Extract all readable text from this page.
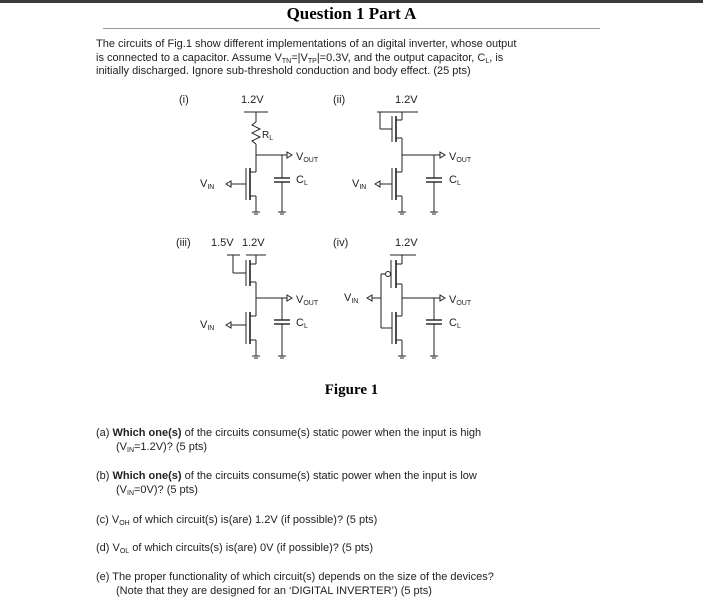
Question 1 Part A
The circuits of Fig.1 show different implementations of an digital inverter, whose output
is connected to a capacitor. Assume $V_{TN}=|V_{TP}|=0.3V$, and the output capacitor, $C_L$, is
initially discharged. Ignore sub-threshold conduction and body effect. (25 pts)
(i)	1.2V
$R_L$
VOUT
VIN
CL
(ii)	1.2V
VOUT
VIN
CL
(iii) 1.5V 1.2V
VOUT
VIN	CL
(iv)	1.2V
VOUT
VIN
CL
Figure 1
(a) Which one(s) of the circuits consume(s) static power when the input is high
$(V_{IN}=1.2V)$? (5 pts)
(b) Which one(s) of the circuits consume(s) static power when the input is low
$(V_{IN}=0V)$? (5 pts)
(c) $V_{OH}$ of which circuit(s) is(are) 1.2V (if possible)? (5 pts)
(d) $V_{OL}$ of which circuits(s) is(are) 0V (if possible)? (5 pts)
(e) The proper functionality of which circuit(s) depends on the size of the devices?
(Note that they are designed for an ‘DIGITAL INVERTER’) (5 pts)
